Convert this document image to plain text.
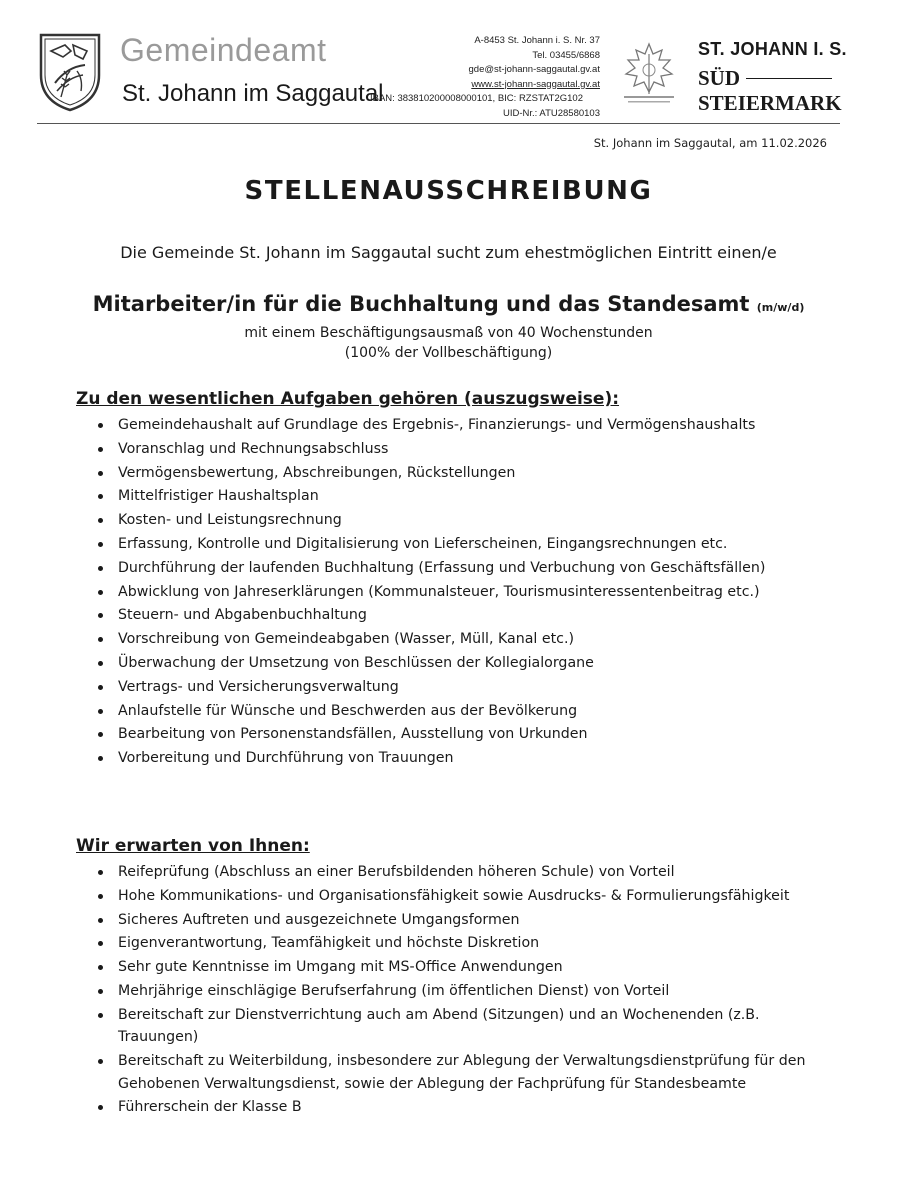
Gemeindeamt
St. Johann im Saggautal
A-8453 St. Johann i. S. Nr. 37
Tel. 03455/6868
gde@st-johann-saggautal.gv.at
www.st-johann-saggautal.gv.at
IBAN: 383810200008000101, BIC: RZSTAT2G102
UID-Nr.: ATU28580103
ST. JOHANN I. S.
SÜD
STEIERMARK
St. Johann im Saggautal, am 11.02.2026
STELLENAUSSCHREIBUNG
Die Gemeinde St. Johann im Saggautal sucht zum ehestmöglichen Eintritt einen/e
Mitarbeiter/in für die Buchhaltung und das Standesamt (m/w/d)
mit einem Beschäftigungsausmaß von 40 Wochenstunden
(100% der Vollbeschäftigung)
Zu den wesentlichen Aufgaben gehören (auszugsweise):
Gemeindehaushalt auf Grundlage des Ergebnis-, Finanzierungs- und Vermögenshaushalts
Voranschlag und Rechnungsabschluss
Vermögensbewertung, Abschreibungen, Rückstellungen
Mittelfristiger Haushaltsplan
Kosten- und Leistungsrechnung
Erfassung, Kontrolle und Digitalisierung von Lieferscheinen, Eingangsrechnungen etc.
Durchführung der laufenden Buchhaltung (Erfassung und Verbuchung von Geschäftsfällen)
Abwicklung von Jahreserklärungen (Kommunalsteuer, Tourismusinteressentenbeitrag etc.)
Steuern- und Abgabenbuchhaltung
Vorschreibung von Gemeindeabgaben (Wasser, Müll, Kanal etc.)
Überwachung der Umsetzung von Beschlüssen der Kollegialorgane
Vertrags- und Versicherungsverwaltung
Anlaufstelle für Wünsche und Beschwerden aus der Bevölkerung
Bearbeitung von Personenstandsfällen, Ausstellung von Urkunden
Vorbereitung und Durchführung von Trauungen
Wir erwarten von Ihnen:
Reifeprüfung (Abschluss an einer Berufsbildenden höheren Schule) von Vorteil
Hohe Kommunikations- und Organisationsfähigkeit sowie Ausdrucks- & Formulierungsfähigkeit
Sicheres Auftreten und ausgezeichnete Umgangsformen
Eigenverantwortung, Teamfähigkeit und höchste Diskretion
Sehr gute Kenntnisse im Umgang mit MS-Office Anwendungen
Mehrjährige einschlägige Berufserfahrung (im öffentlichen Dienst) von Vorteil
Bereitschaft zur Dienstverrichtung auch am Abend (Sitzungen) und an Wochenenden (z.B. Trauungen)
Bereitschaft zu Weiterbildung, insbesondere zur Ablegung der Verwaltungsdienstprüfung für den Gehobenen Verwaltungsdienst, sowie der Ablegung der Fachprüfung für Standesbeamte
Führerschein der Klasse B
